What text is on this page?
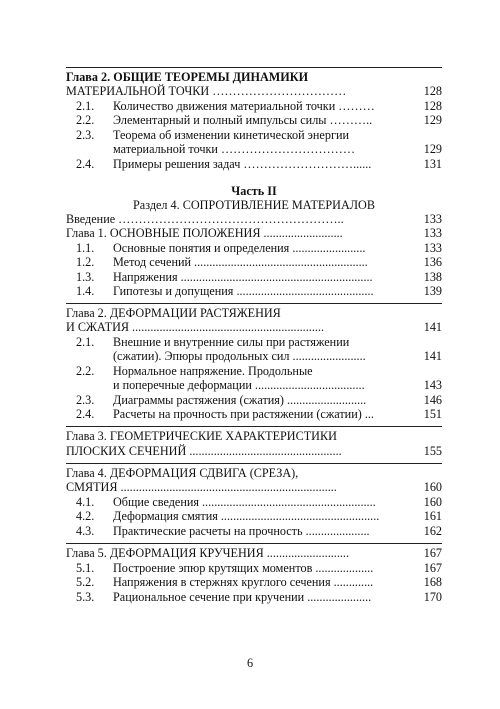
Часть II
Раздел 4. СОПРОТИВЛЕНИЕ МАТЕРИАЛОВ
Глава 2. ОБЩИЕ ТЕОРЕМЫ ДИНАМИКИ
МАТЕРИАЛЬНОЙ ТОЧКИ ……………………………	128
2.1. Количество движения материальной точки ………	128
2.2. Элементарный и полный импульсы силы ………..	129
2.3. Теорема об изменении кинетической энергии
материальной точки ……………………………	129
2.4. Примеры решения задач ………………………......	131
Введение ………………………………………………..	133
Глава 1. ОСНОВНЫЕ ПОЛОЖЕНИЯ ..........................	133
1.1. Основные понятия и определения ........................	133
1.2. Метод сечений .........................................................	136
1.3. Напряжения ...............................................................	138
1.4. Гипотезы и допущения .............................................	139
Глава 2. ДЕФОРМАЦИИ РАСТЯЖЕНИЯ
И СЖАТИЯ ...............................................................	141
2.1. Внешние и внутренние силы при растяжении
(сжатии). Эпюры продольных сил ........................	141
2.2. Нормальное напряжение. Продольные
и поперечные деформации ....................................	143
2.3. Диаграммы растяжения (сжатия) ..........................	146
2.4. Расчеты на прочность при растяжении (сжатии) ...	151
Глава 3. ГЕОМЕТРИЧЕСКИЕ ХАРАКТЕРИСТИКИ
ПЛОСКИХ СЕЧЕНИЙ ..................................................	155
Глава 4. ДЕФОРМАЦИЯ СДВИГА (СРЕЗА),
СМЯТИЯ .......................................................................	160
4.1. Общие сведения .........................................................	160
4.2. Деформация смятия ....................................................	161
4.3. Практические расчеты на прочность .....................	162
Глава 5. ДЕФОРМАЦИЯ КРУЧЕНИЯ ...........................	167
5.1. Построение эпюр крутящих моментов ...................	167
5.2. Напряжения в стержнях круглого сечения .............	168
5.3. Рациональное сечение при кручении .....................	170
6
